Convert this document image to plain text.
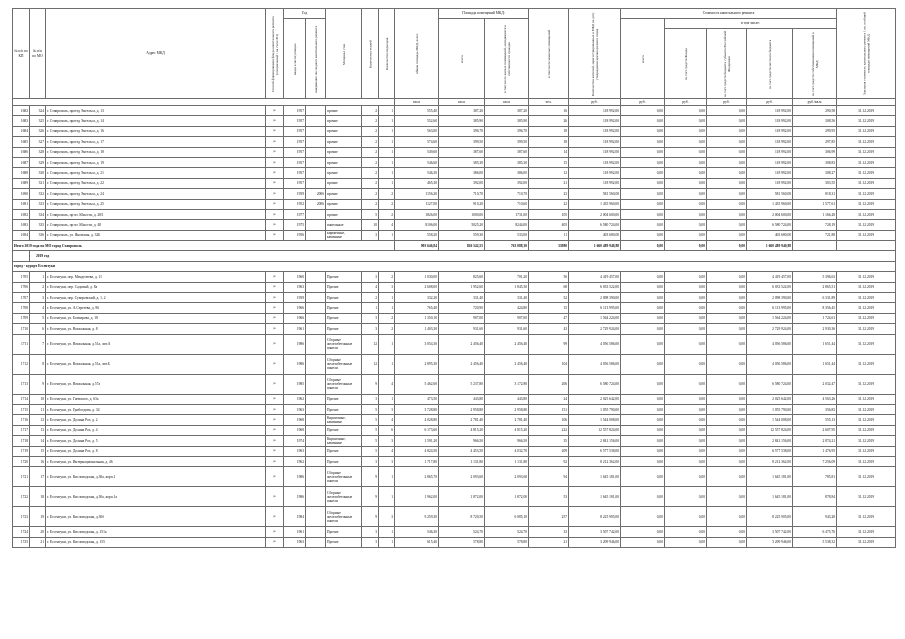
№ п/п по КП	№ п/п по МО	Адрес МКД	Способ формирования фонда капитального ремонта (специальный / на счете РО)	Год		Материал стен	Количество этажей	Количество подъездов	общая площадь МКД, всего	Площадь помещений МКД:		в том числе нежилых помещений	Количество жителей, зарегистрированных в МКД на дату утверждения краткосрочного плана	Стоимость капитального ремонта					Удельная стоимость капитального ремонта 1 кв. м общей площади помещений МКД	
				ввода в эксплуатацию	завершение последнего капитального ремонта					всего	в том числе жилых помещений, находящихся в собственности граждан			всего	в том числе:					
															за счет средств Фонда	за счет средств бюджета субъекта Российской Федерации	за счет средств местного бюджета	за счет средств собственников помещений в МКД		
									кв.м	кв.м	кв.м	чел.	руб.	руб.	руб.	руб.	руб.	руб./кв.м		
1682	324	г. Ставрополь, проезд Энгельса, д. 13	рo	1957		прочие	2	1	555,40	387,20	387,20	16	118 992,00	0,00	0,00	0,00	118 992,00	290,58	31.12.2019	
1683	325	г. Ставрополь, проезд Энгельса, д. 14	рo	1957		прочие	2	1	552,60	385,90	385,90	26	118 992,00	0,00	0,00	0,00	118 992,00	308,56	31.12.2019	
1684	326	г. Ставрополь, проезд Энгельса, д. 16	рo	1957		прочие	2	1	563,00	396,70	396,70	18	118 992,00	0,00	0,00	0,00	118 992,00	299,95	31.12.2019	
1685	327	г. Ставрополь, проезд Энгельса, д. 17	рo	1957		прочие	2	1	574,60	399,50	399,50	18	118 992,00	0,00	0,00	0,00	118 992,00	297,85	31.12.2019	
1686	328	г. Ставрополь, проезд Энгельса, д. 18	рo	1957		прочие	2	1	549,60	387,60	387,60	14	118 992,00	0,00	0,00	0,00	118 992,00	306,99	31.12.2019	
1687	329	г. Ставрополь, проезд Энгельса, д. 19	рo	1957		прочие	2	1	546,60	385,30	385,30	15	118 992,00	0,00	0,00	0,00	118 992,00	308,83	31.12.2019	
1688	330	г. Ставрополь, проезд Энгельса, д. 21	рo	1957		прочие	2	1	546,30	386,00	386,00	12	118 992,00	0,00	0,00	0,00	118 992,00	308,27	31.12.2019	
1689	331	г. Ставрополь, проезд Энгельса, д. 22	рo	1957		прочие	2	1	465,30	392,00	392,00	21	118 992,00	0,00	0,00	0,00	118 992,00	303,55	31.12.2019	
1690	332	г. Ставрополь, проезд Энгельса, д. 24	рo	1959	2006	прочие	2	2	1156,20	710,70	710,70	23	581 560,00	0,00	0,00	0,00	581 560,00	818,31	31.12.2019	
1691	333	г. Ставрополь, проезд Энгельса, д. 25	рo	1952	2006	прочие	2	2	1127,00	910,20	710,60	22	1 435 960,00	0,00	0,00	0,00	1 435 960,00	1 577,61	31.12.2019	
1692	334	г. Ставрополь, пр-кт. Юности, д. 28/1	рo	1977		прочие	5	2	1826,00	1000,00	1731,00	105	2 004 600,00	0,00	0,00	0,00	2 004 600,00	1 166,28	31.12.2019	
1693	335	г. Ставрополь, пр-кт. Юности, д. 48	рo	1975		панельные	10	4	8106,00	5025,20	8244,00	405	6 580 724,00	0,00	0,00	0,00	6 580 724,00	728,19	31.12.2019	
1694	336	г. Ставрополь, ул. Яновская, д. 32Б	рo	1956		кирпичные, каменные	3	1	558,20	559,30	533,00	11	403 680,00	0,00	0,00	0,00	403 680,00	721,88	31.12.2019	
Итого 2019 года по МО город Ставрополь									903 646,84	826 542,55	763 088,30	33980	1 660 489 940,88	0,00	0,00	0,00	1 660 489 940,88			
	2019 год																			
город - курорт Ессентуки																				
1705	1	г. Ессентуки, пер. Менделеева, д. 11	рo	1960		Прочие	3	2	1 030,00	825,60	701,20	56	4 419 457,00	0,00	0,00	0,00	4 419 457,00	5 396,63	31.12.2019	
1706	2	г. Ессентуки, пер. Садовый, д. 8а	рo	1963		Прочие	4	3	2 608,00	1 952,60	1 845,30	68	6 033 522,00	0,00	0,00	0,00	6 033 522,00	2 865,51	31.12.2019	
1707	3	г. Ессентуки, пер. Суворовский, д. 1, 2	рo	1959		Прочие	2	1	332,20	331,40	331,40	52	2 098 390,00	0,00	0,00	0,00	2 098 390,00	6 331,89	31.12.2019	
1708	4	г. Ессентуки, ул. А.Сергеева, д. 96	рo	1966		Прочие	1	1	765,40	720,90	424,80	15	6 113 995,00	0,00	0,00	0,00	6 113 995,00	8 356,45	31.12.2019	
1709	5	г. Ессентуки, ул. Боичарова, д. 18	рo	1966		Прочие	3	2	1 350,10	907,00	907,00	47	1 564 224,00	0,00	0,00	0,00	1 564 224,00	1 724,61	31.12.2019	
1710	6	г. Ессентуки, ул. Вокзальная, д. 8	рo	1961		Прочие	3	2	1 403,30	931,60	931,60	43	2 729 924,00	0,00	0,00	0,00	2 729 924,00	2 930,36	31.12.2019	
1711	7	г. Ессентуки, ул. Вокзальная, д.51а, лит.А	рo	1986		Сборные железобетонные панели	12	1	3 054,30	2 456,40	2 456,40	99	4 056 586,00	0,00	0,00	0,00	4 056 586,00	1 651,44	31.12.2019	
1712	8	г. Ессентуки, ул. Вокзальная, д.51а, лит.Б	рo	1986		Сборные железобетонные панели	12	1	2 895,30	2 456,40	2 456,40	104	4 056 586,00	0,00	0,00	0,00	4 056 586,00	1 651,44	31.12.2019	
1713	9	г. Ессентуки, ул. Вокзальная, д.57а	рo	1985		Сборные железобетонные панели	9	4	5 462,60	5 237,80	3 172,80	206	6 580 724,00	0,00	0,00	0,00	6 580 724,00	2 032,47	31.12.2019	
1714	10	г. Ессентуки, ул. Гаевского, д. 63а	рo	1962		Прочие	3	1	473,50	443,80	443,80	24	2 025 642,00	0,00	0,00	0,00	2 025 642,00	4 563,26	31.12.2019	
1715	11	г. Ессентуки, ул. Грибоедова, д. 34	рo	1963		Прочие	5	3	3 728,80	2 958,80	2 958,80	151	1 055 790,00	0,00	0,00	0,00	1 055 790,00	356,83	31.12.2019	
1716	12	г. Ессентуки, ул. Долина Роз, д. 2	рo	1968		Кирпичные, каменные	5	4	4 028,80	2 781,40	2 781,40	106	1 544 008,00	0,00	0,00	0,00	1 544 008,00	555,13	31.12.2019	
1717	13	г. Ессентуки, ул. Долина Роз, д. 4	рo	1968		Прочие	5	6	6 173,60	4 815,20	4 815,20	222	12 557 824,00	0,00	0,00	0,00	12 557 824,00	2 607,95	31.12.2019	
1718	14	г. Ессентуки, ул. Долина Роз, д. 5	рo	1974		Кирпичные, каменные	5	3	1 591,20	966,50	966,50	35	2 841 156,00	0,00	0,00	0,00	2 841 156,00	2 874,21	31.12.2019	
1719	15	г. Ессентуки, ул. Долина Роз, д. 8	рo	1963		Прочие	5	4	4 824,50	4 453,50	4 032,70	209	6 577 538,00	0,00	0,00	0,00	6 577 538,00	1 476,95	31.12.2019	
1720	16	г. Ессентуки, ул. Интернациональная, д. 46	рo	1962		Прочие	3	3	1 717,80	1 131,80	1 131,80	92	8 212 362,00	0,00	0,00	0,00	8 212 362,00	7 256,09	31.12.2019	
1721	17	г. Ессентуки, ул. Кисловодская, д.30а, корп.1	рo	1986		Сборные железобетонные панели	9	1	2 865,70	2 093,60	2 093,60	94	1 645 181,00	0,00	0,00	0,00	1 645 181,00	785,81	31.12.2019	
1722	18	г. Ессентуки, ул. Кисловодская, д.30а, корп.1а	рo	1986		Сборные железобетонные панели	9	1	1 962,00	1 872,00	1 872,00	53	1 645 181,00	0,00	0,00	0,00	1 645 181,00	878,84	31.12.2019	
1723	19	г. Ессентуки, ул. Кисловодская, д.30б	рo	1984		Сборные железобетонные панели	9	3	9 259,30	8 720,50	6 085,10	257	8 225 905,00	0,00	0,00	0,00	8 225 905,00	943,28	31.12.2019	
1724	20	г. Ессентуки, ул. Кисловодская, д. 151а	рo	1961		Прочие	3	1	546,30	524,70	524,70	33	3 507 742,00	0,00	0,00	0,00	3 507 742,00	6 475,76	31.12.2019	
1725	21	г. Ессентуки, ул. Кисловодская, д. 155	рo	1963		Прочие	3	1	615,40	578,80	578,80	21	3 209 946,00	0,00	0,00	0,00	3 209 946,00	5 538,32	31.12.2019	
